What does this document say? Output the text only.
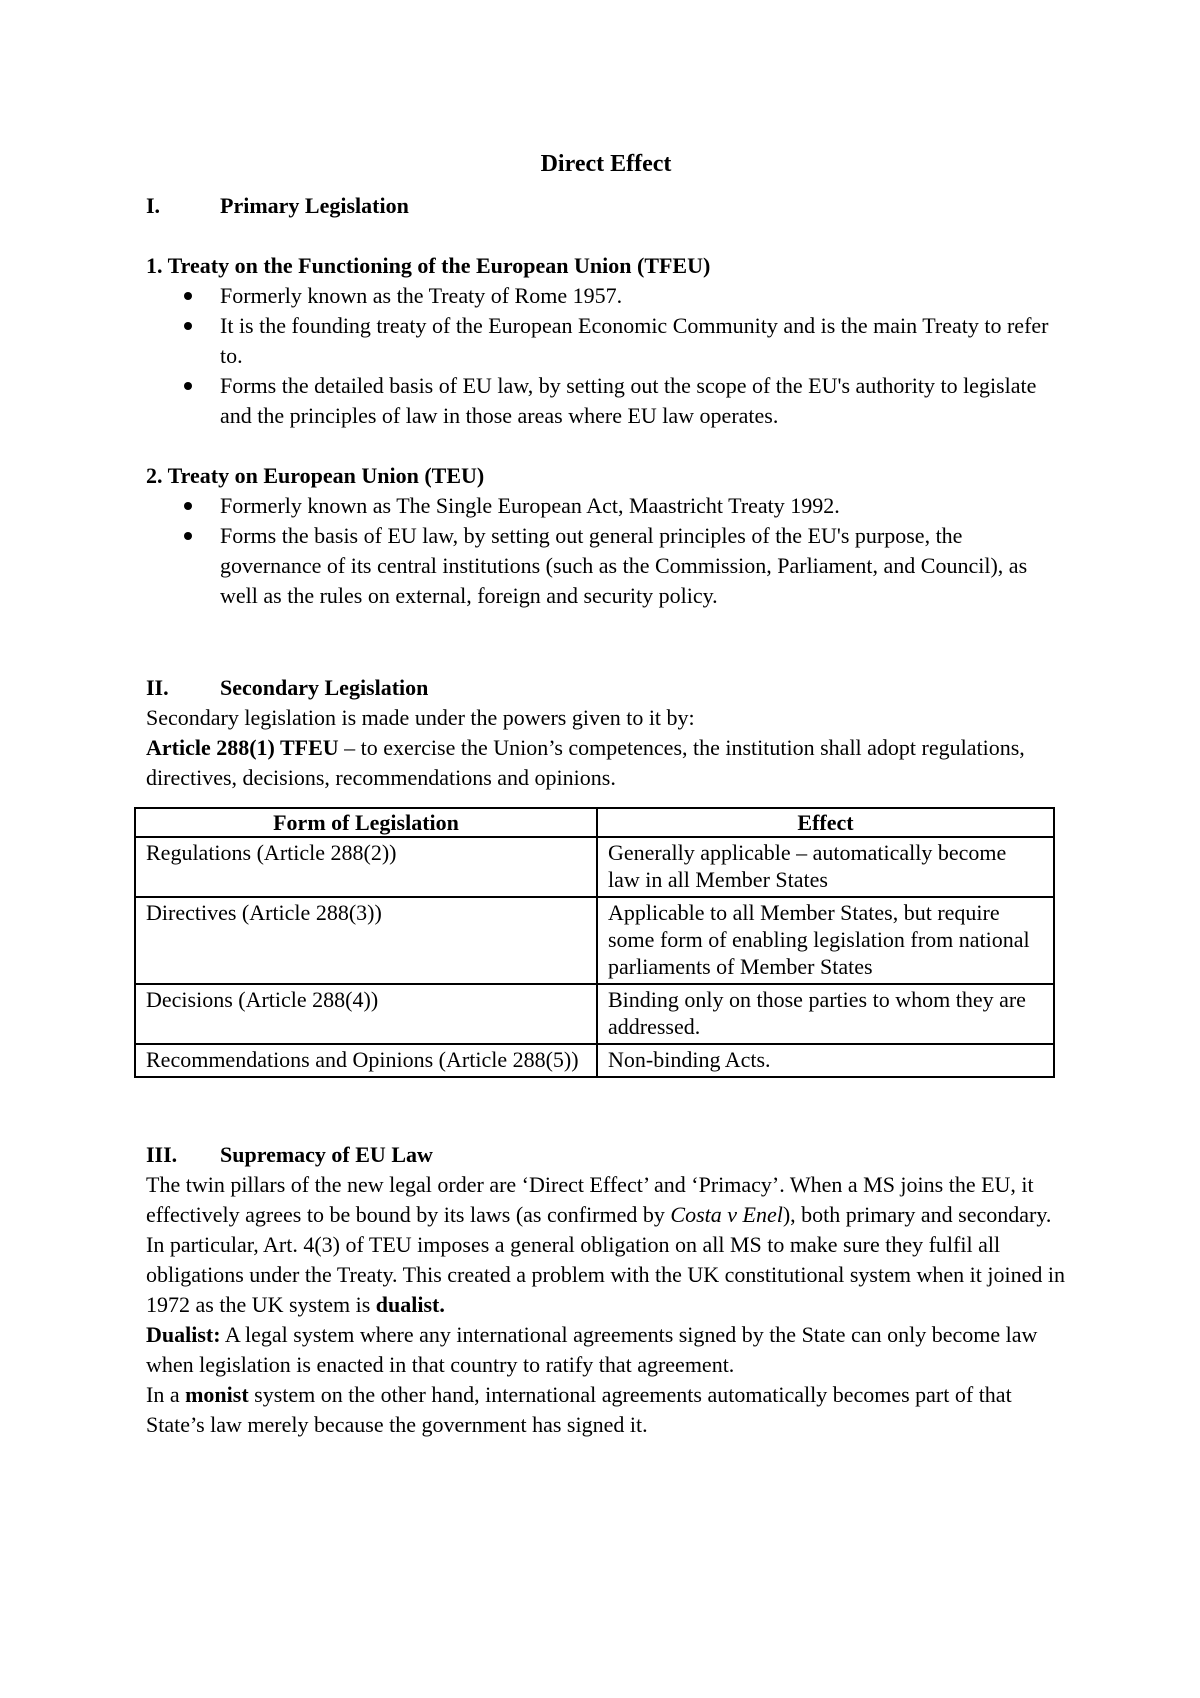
Direct Effect
I.	Primary Legislation
1. Treaty on the Functioning of the European Union (TFEU)
Formerly known as the Treaty of Rome 1957.
It is the founding treaty of the European Economic Community and is the main Treaty to refer to.
Forms the detailed basis of EU law, by setting out the scope of the EU's authority to legislate and the principles of law in those areas where EU law operates.
2. Treaty on European Union (TEU)
Formerly known as The Single European Act, Maastricht Treaty 1992.
Forms the basis of EU law, by setting out general principles of the EU's purpose, the governance of its central institutions (such as the Commission, Parliament, and Council), as well as the rules on external, foreign and security policy.
II.	Secondary Legislation

Secondary legislation is made under the powers given to it by:

Article 288(1) TFEU – to exercise the Union’s competences, the institution shall adopt regulations, directives, decisions, recommendations and opinions.

Form of Legislation	Effect
Regulations (Article 288(2))	Generally applicable – automatically become law in all Member States
Directives (Article 288(3))	Applicable to all Member States, but require some form of enabling legislation from national parliaments of Member States
Decisions (Article 288(4))	Binding only on those parties to whom they are addressed.
Recommendations and Opinions (Article 288(5))	Non-binding Acts.
III.	Supremacy of EU Law

The twin pillars of the new legal order are ‘Direct Effect’ and ‘Primacy’. When a MS joins the EU, it effectively agrees to be bound by its laws (as confirmed by Costa v Enel), both primary and secondary. In particular, Art. 4(3) of TEU imposes a general obligation on all MS to make sure they fulfil all obligations under the Treaty. This created a problem with the UK constitutional system when it joined in 1972 as the UK system is dualist.

Dualist: A legal system where any international agreements signed by the State can only become law when legislation is enacted in that country to ratify that agreement.

In a monist system on the other hand, international agreements automatically becomes part of that State’s law merely because the government has signed it.
